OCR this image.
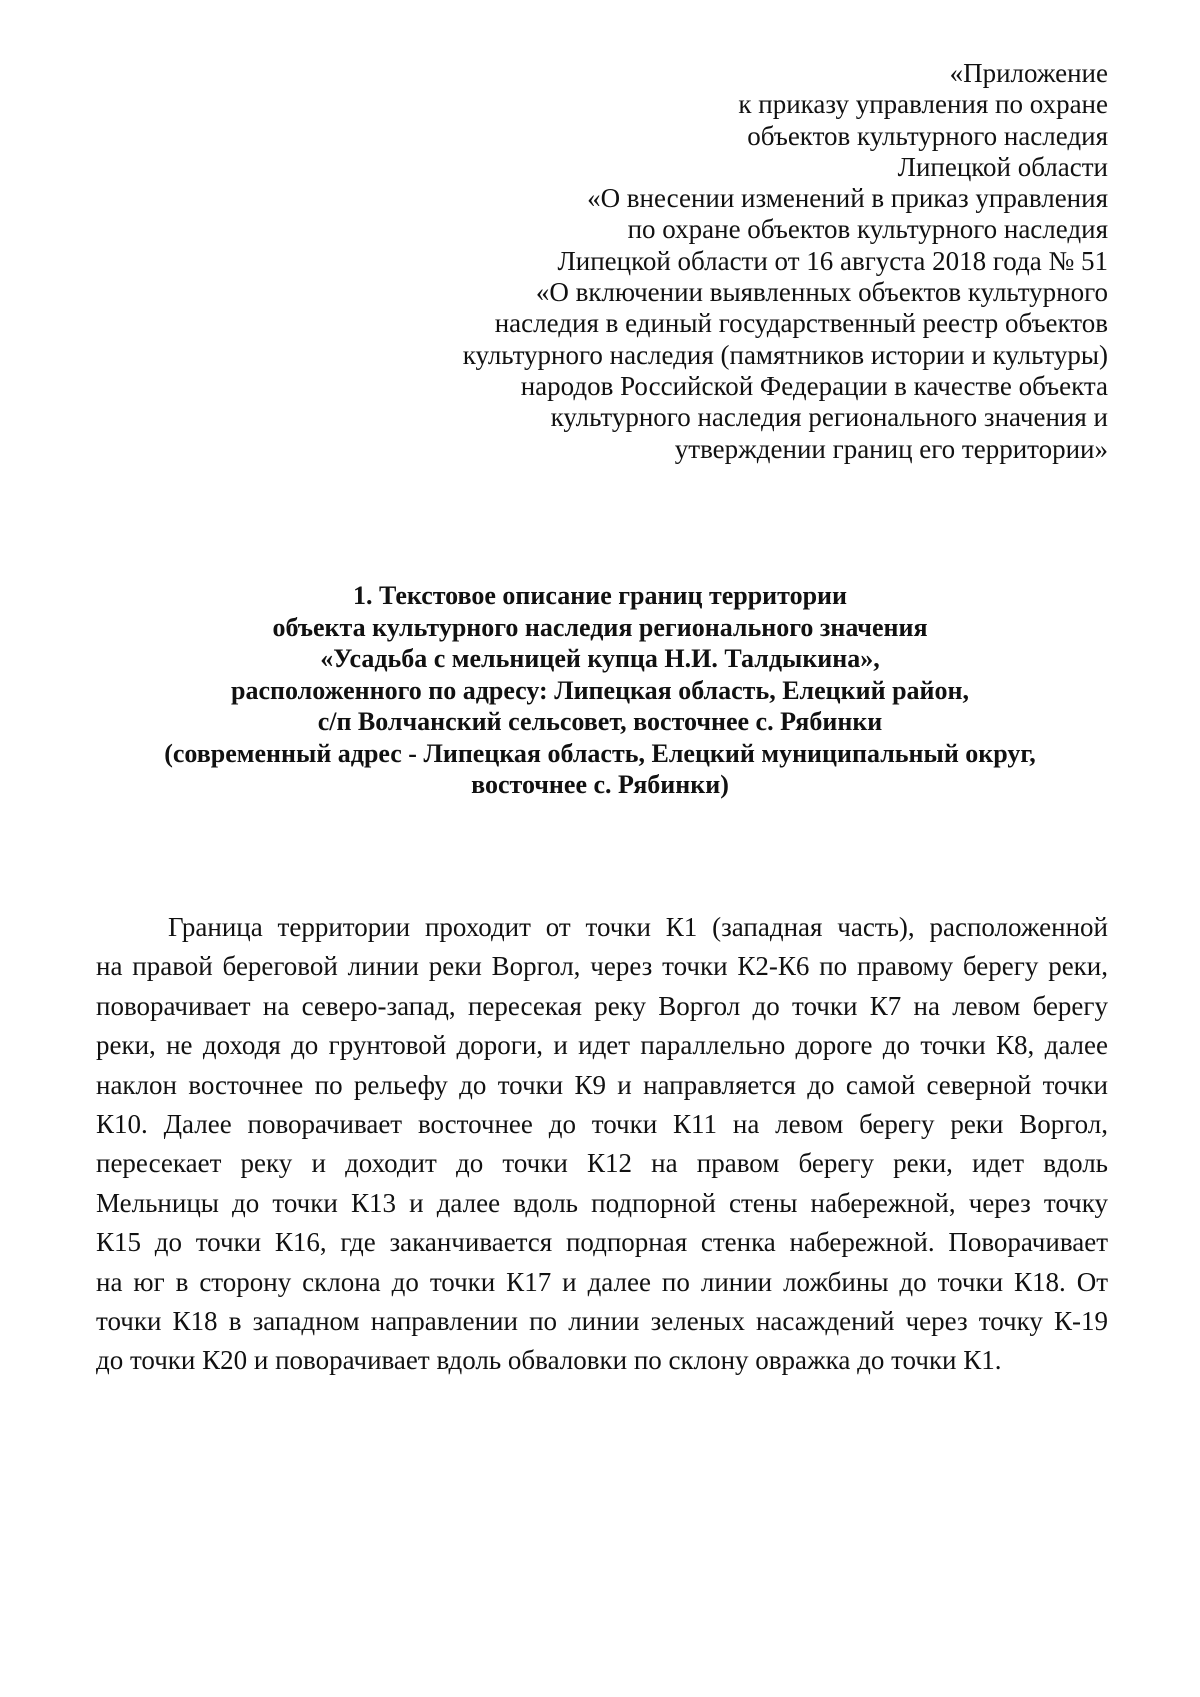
«Приложение
к приказу управления по охране
объектов культурного наследия
Липецкой области
«О внесении изменений в приказ управления
по охране объектов культурного наследия
Липецкой области от 16 августа 2018 года № 51
«О включении выявленных объектов культурного
наследия в единый государственный реестр объектов
культурного наследия (памятников истории и культуры)
народов Российской Федерации в качестве объекта
культурного наследия регионального значения и
утверждении границ его территории»
1. Текстовое описание границ территории
объекта культурного наследия регионального значения
«Усадьба с мельницей купца Н.И. Талдыкина»,
расположенного по адресу: Липецкая область, Елецкий район,
с/п Волчанский сельсовет, восточнее с. Рябинки
(современный адрес - Липецкая область, Елецкий муниципальный округ,
восточнее с. Рябинки)
Граница территории проходит от точки К1 (западная часть), расположенной
на правой береговой линии реки Воргол, через точки К2-К6 по правому берегу реки,
поворачивает на северо-запад, пересекая реку Воргол до точки К7 на левом берегу
реки, не доходя до грунтовой дороги, и идет параллельно дороге до точки К8, далее
наклон восточнее по рельефу до точки К9 и направляется до самой северной точки
К10. Далее поворачивает восточнее до точки К11 на левом берегу реки Воргол,
пересекает реку и доходит до точки К12 на правом берегу реки, идет вдоль
Мельницы до точки К13 и далее вдоль подпорной стены набережной, через точку
К15 до точки К16, где заканчивается подпорная стенка набережной. Поворачивает
на юг в сторону склона до точки К17 и далее по линии ложбины до точки К18. От
точки К18 в западном направлении по линии зеленых насаждений через точку К-19
до точки К20 и поворачивает вдоль обваловки по склону овражка до точки К1.
